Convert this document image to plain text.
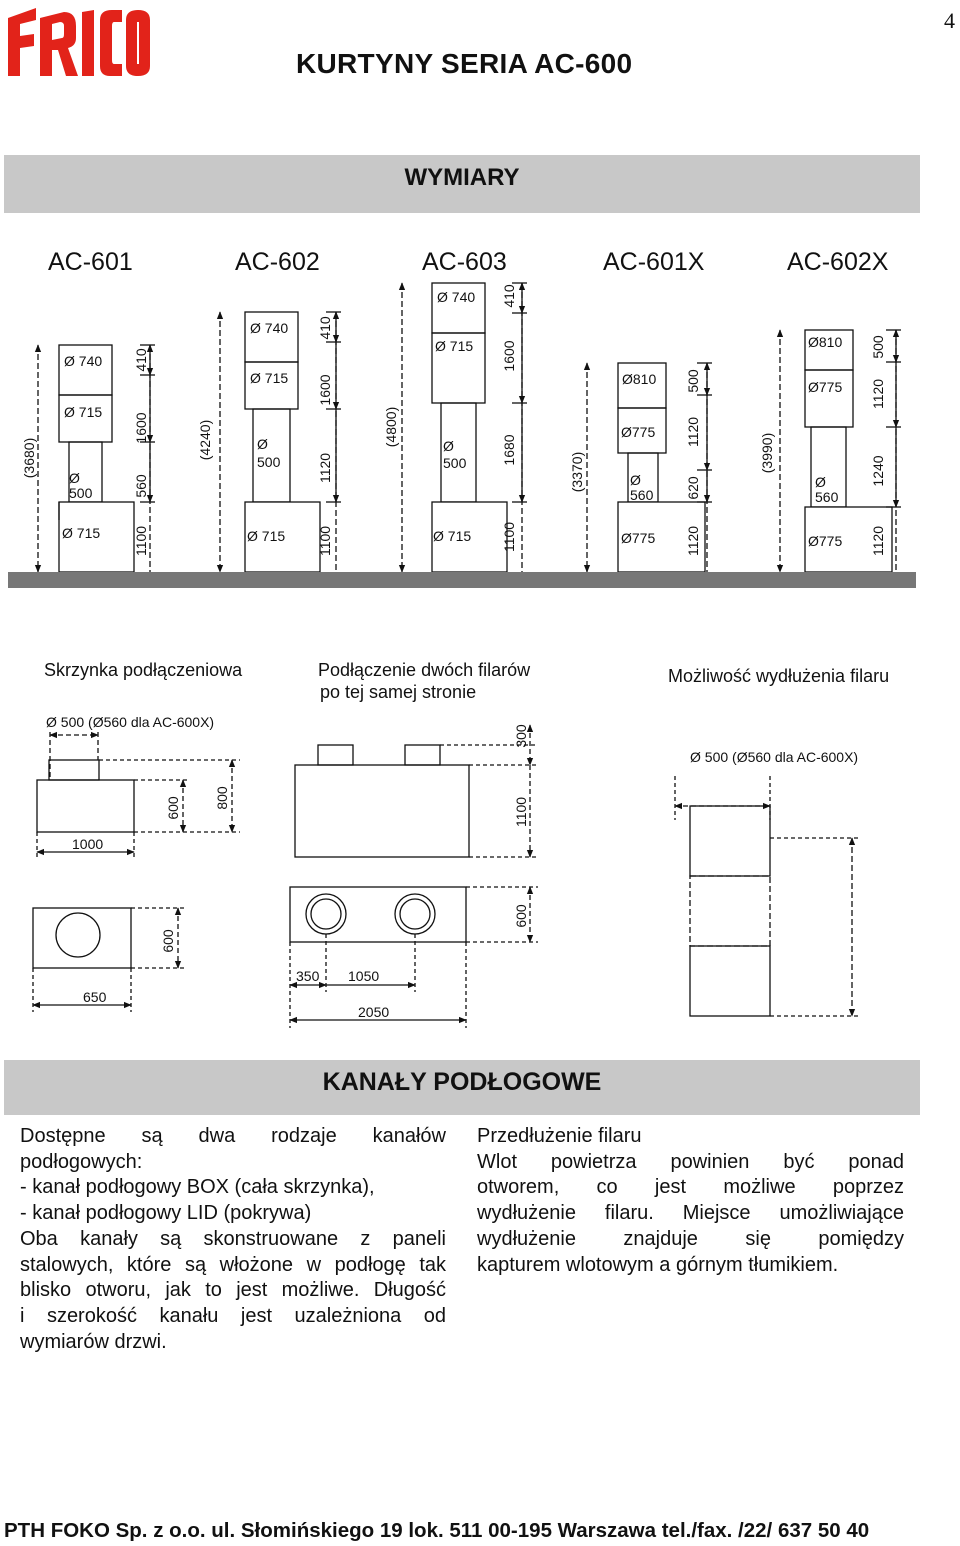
4
KURTYNY SERIA AC-600
WYMIARY
AC-601	AC-602	AC-603	AC-601X	AC-602X
Ø 740
Ø 715
Ø
500
Ø 715
(3680)
410
1600
560
1100
Ø 740
Ø 715
Ø
500
Ø 715
(4240)
410
1600
1120
1100
Ø 740
Ø 715
Ø
500
Ø 715
(4800)
410
1600
1680
1100
Ø810
Ø775
Ø
560
Ø775
(3370)
500
1120
620
1120
Ø810
Ø775
Ø
560
Ø775
(3990)
500
1120
1240
1120
Skrzynka podłączeniowa
Ø 500 (Ø560 dla AC-600X)
1000
600 800
600
650
Podłączenie dwóch filarów
po tej samej stronie
300
1100
600
350 1050
2050
Możliwość wydłużenia filaru
Ø 500 (Ø560 dla AC-600X)
KANAŁY PODŁOGOWE
Dostępne są dwa rodzaje kanałów
podłogowych:
- kanał podłogowy BOX (cała skrzynka),
- kanał podłogowy LID (pokrywa)
Oba kanały są skonstruowane z paneli
stalowych, które są włożone w podłogę tak
blisko otworu, jak to jest możliwe. Długość
i szerokość kanału jest uzależniona od
wymiarów drzwi.
Przedłużenie filaru
Wlot powietrza powinien być ponad
otworem, co jest możliwe poprzez
wydłużenie filaru. Miejsce umożliwiające
wydłużenie znajduje się pomiędzy
kapturem wlotowym a górnym tłumikiem.
PTH FOKO Sp. z o.o. ul. Słomińskiego 19 lok. 511 00-195 Warszawa tel./fax. /22/ 637 50 40
